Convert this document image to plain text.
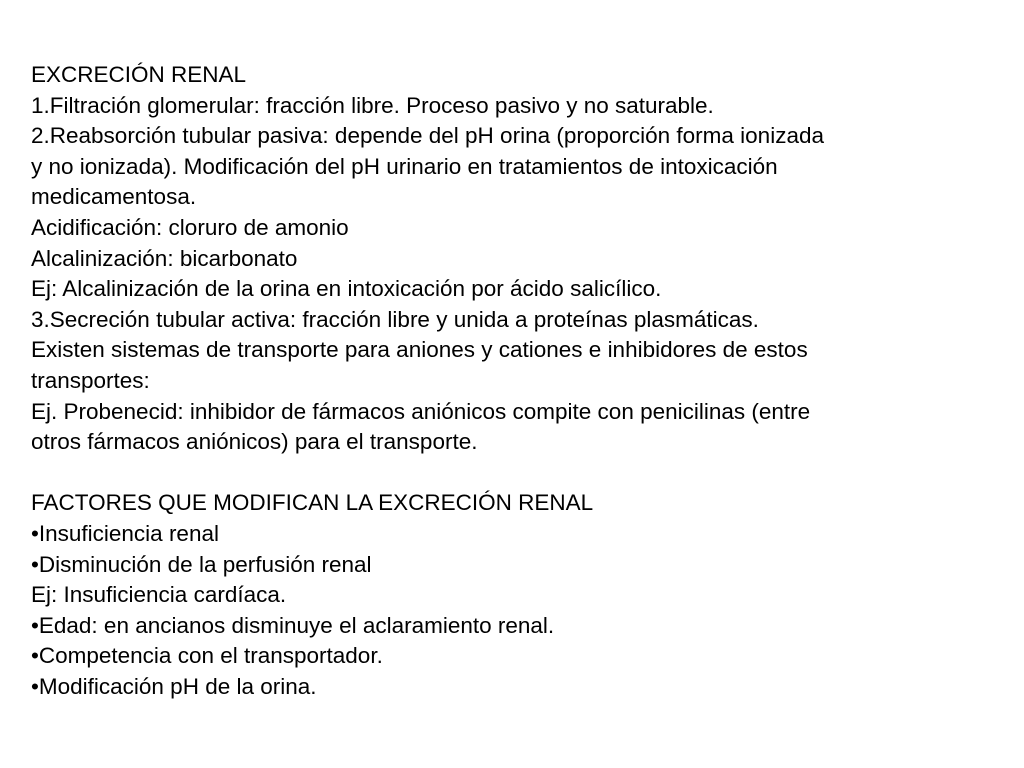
EXCRECIÓN RENAL
1.Filtración glomerular: fracción libre. Proceso pasivo y no saturable.
2.Reabsorción tubular pasiva: depende del pH orina (proporción forma ionizada
y no ionizada). Modificación del pH urinario en tratamientos de intoxicación
medicamentosa.
Acidificación: cloruro de amonio
Alcalinización: bicarbonato
Ej: Alcalinización de la orina en intoxicación por ácido salicílico.
3.Secreción tubular activa: fracción libre y unida a proteínas plasmáticas.
Existen sistemas de transporte para aniones y cationes e inhibidores de estos
transportes:
Ej. Probenecid: inhibidor de fármacos aniónicos compite con penicilinas (entre
otros fármacos aniónicos) para el transporte.
FACTORES QUE MODIFICAN LA EXCRECIÓN RENAL
•Insuficiencia renal
•Disminución de la perfusión renal
Ej: Insuficiencia cardíaca.
•Edad: en ancianos disminuye el aclaramiento renal.
•Competencia con el transportador.
•Modificación pH de la orina.
